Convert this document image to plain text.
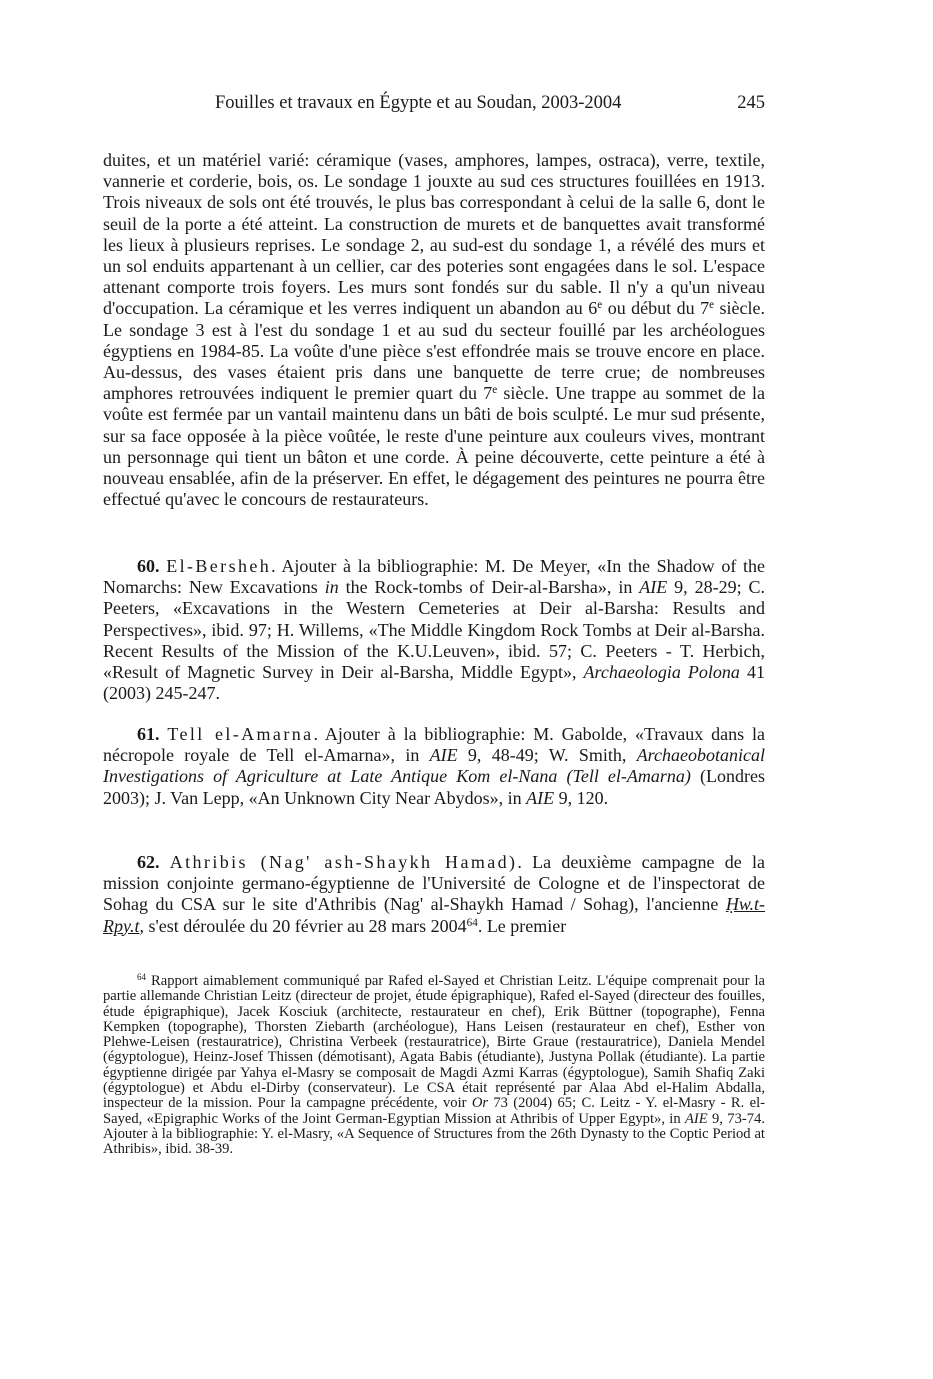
Fouilles et travaux en Égypte et au Soudan, 2003-2004	245

duites, et un matériel varié: céramique (vases, amphores, lampes, ostraca), verre, textile, vannerie et corderie, bois, os. Le sondage 1 jouxte au sud ces structures fouillées en 1913. Trois niveaux de sols ont été trouvés, le plus bas correspondant à celui de la salle 6, dont le seuil de la porte a été atteint. La construction de murets et de banquettes avait transformé les lieux à plusieurs reprises. Le sondage 2, au sud-est du sondage 1, a révélé des murs et un sol enduits appartenant à un cellier, car des poteries sont engagées dans le sol. L'espace attenant comporte trois foyers. Les murs sont fondés sur du sable. Il n'y a qu'un niveau d'occupation. La céramique et les verres indiquent un abandon au 6e ou début du 7e siècle. Le sondage 3 est à l'est du sondage 1 et au sud du secteur fouillé par les archéologues égyptiens en 1984-85. La voûte d'une pièce s'est effondrée mais se trouve encore en place. Au-dessus, des vases étaient pris dans une banquette de terre crue; de nombreuses amphores retrouvées indiquent le premier quart du 7e siècle. Une trappe au sommet de la voûte est fermée par un vantail maintenu dans un bâti de bois sculpté. Le mur sud présente, sur sa face opposée à la pièce voûtée, le reste d'une peinture aux couleurs vives, montrant un personnage qui tient un bâton et une corde. À peine découverte, cette peinture a été à nouveau ensablée, afin de la préserver. En effet, le dégagement des peintures ne pourra être effectué qu'avec le concours de restaurateurs.

60. El-Bersheh. Ajouter à la bibliographie: M. De Meyer, «In the Shadow of the Nomarchs: New Excavations in the Rock-tombs of Deir-al-Barsha», in AIE 9, 28-29; C. Peeters, «Excavations in the Western Cemeteries at Deir al-Barsha: Results and Perspectives», ibid. 97; H. Willems, «The Middle Kingdom Rock Tombs at Deir al-Barsha. Recent Results of the Mission of the K.U.Leuven», ibid. 57; C. Peeters - T. Herbich, «Result of Magnetic Survey in Deir al-Barsha, Middle Egypt», Archaeologia Polona 41 (2003) 245-247.

61. Tell el-Amarna. Ajouter à la bibliographie: M. Gabolde, «Travaux dans la nécropole royale de Tell el-Amarna», in AIE 9, 48-49; W. Smith, Archaeobotanical Investigations of Agriculture at Late Antique Kom el-Nana (Tell el-Amarna) (Londres 2003); J. Van Lepp, «An Unknown City Near Abydos», in AIE 9, 120.

62. Athribis (Nag' ash-Shaykh Hamad). La deuxième campagne de la mission conjointe germano-égyptienne de l'Université de Cologne et de l'inspectorat de Sohag du CSA sur le site d'Athribis (Nag' al-Shaykh Hamad / Sohag), l'ancienne Ḥw.t-Rpy.t, s'est déroulée du 20 février au 28 mars 2004$^{64}$. Le premier

$^{64}$ Rapport aimablement communiqué par Rafed el-Sayed et Christian Leitz. L'équipe comprenait pour la partie allemande Christian Leitz (directeur de projet, étude épigraphique), Rafed el-Sayed (directeur des fouilles, étude épigraphique), Jacek Kosciuk (architecte, restaurateur en chef), Erik Büttner (topographe), Fenna Kempken (topographe), Thorsten Ziebarth (archéologue), Hans Leisen (restaurateur en chef), Esther von Plehwe-Leisen (restauratrice), Christina Verbeek (restauratrice), Birte Graue (restauratrice), Daniela Mendel (égyptologue), Heinz-Josef Thissen (démotisant), Agata Babis (étudiante), Justyna Pollak (étudiante). La partie égyptienne dirigée par Yahya el-Masry se composait de Magdi Azmi Karras (égyptologue), Samih Shafiq Zaki (égyptologue) et Abdu el-Dirby (conservateur). Le CSA était représenté par Alaa Abd el-Halim Abdalla, inspecteur de la mission. Pour la campagne précédente, voir Or 73 (2004) 65; C. Leitz - Y. el-Masry - R. el-Sayed, «Epigraphic Works of the Joint German-Egyptian Mission at Athribis of Upper Egypt», in AIE 9, 73-74. Ajouter à la bibliographie: Y. el-Masry, «A Sequence of Structures from the 26th Dynasty to the Coptic Period at Athribis», ibid. 38-39.
